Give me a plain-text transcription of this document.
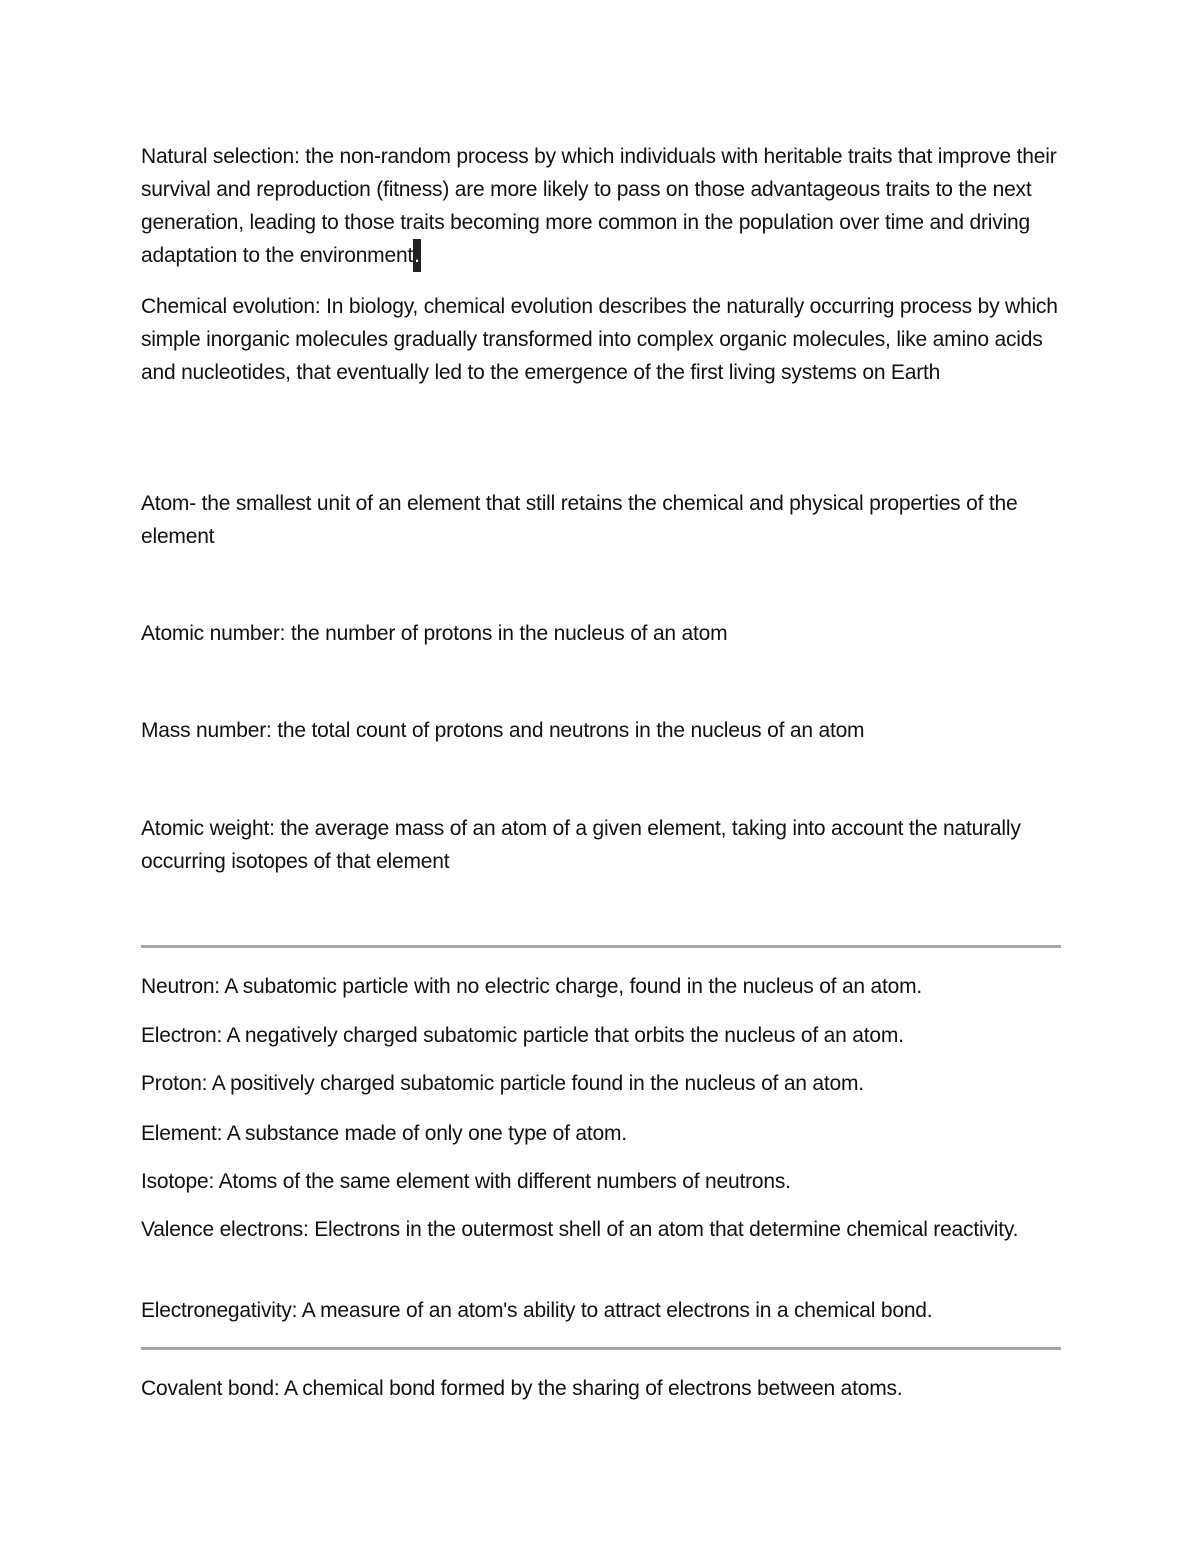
Natural selection: the non-random process by which individuals with heritable traits that improve their survival and reproduction (fitness) are more likely to pass on those advantageous traits to the next generation, leading to those traits becoming more common in the population over time and driving adaptation to the environment.

Chemical evolution: In biology, chemical evolution describes the naturally occurring process by which simple inorganic molecules gradually transformed into complex organic molecules, like amino acids and nucleotides, that eventually led to the emergence of the first living systems on Earth

Atom- the smallest unit of an element that still retains the chemical and physical properties of the element

Atomic number: the number of protons in the nucleus of an atom

Mass number: the total count of protons and neutrons in the nucleus of an atom

Atomic weight: the average mass of an atom of a given element, taking into account the naturally occurring isotopes of that element

Neutron: A subatomic particle with no electric charge, found in the nucleus of an atom.

Electron: A negatively charged subatomic particle that orbits the nucleus of an atom.

Proton: A positively charged subatomic particle found in the nucleus of an atom.

Element: A substance made of only one type of atom.

Isotope: Atoms of the same element with different numbers of neutrons.

Valence electrons: Electrons in the outermost shell of an atom that determine chemical reactivity.

Electronegativity: A measure of an atom's ability to attract electrons in a chemical bond.

Covalent bond: A chemical bond formed by the sharing of electrons between atoms.
